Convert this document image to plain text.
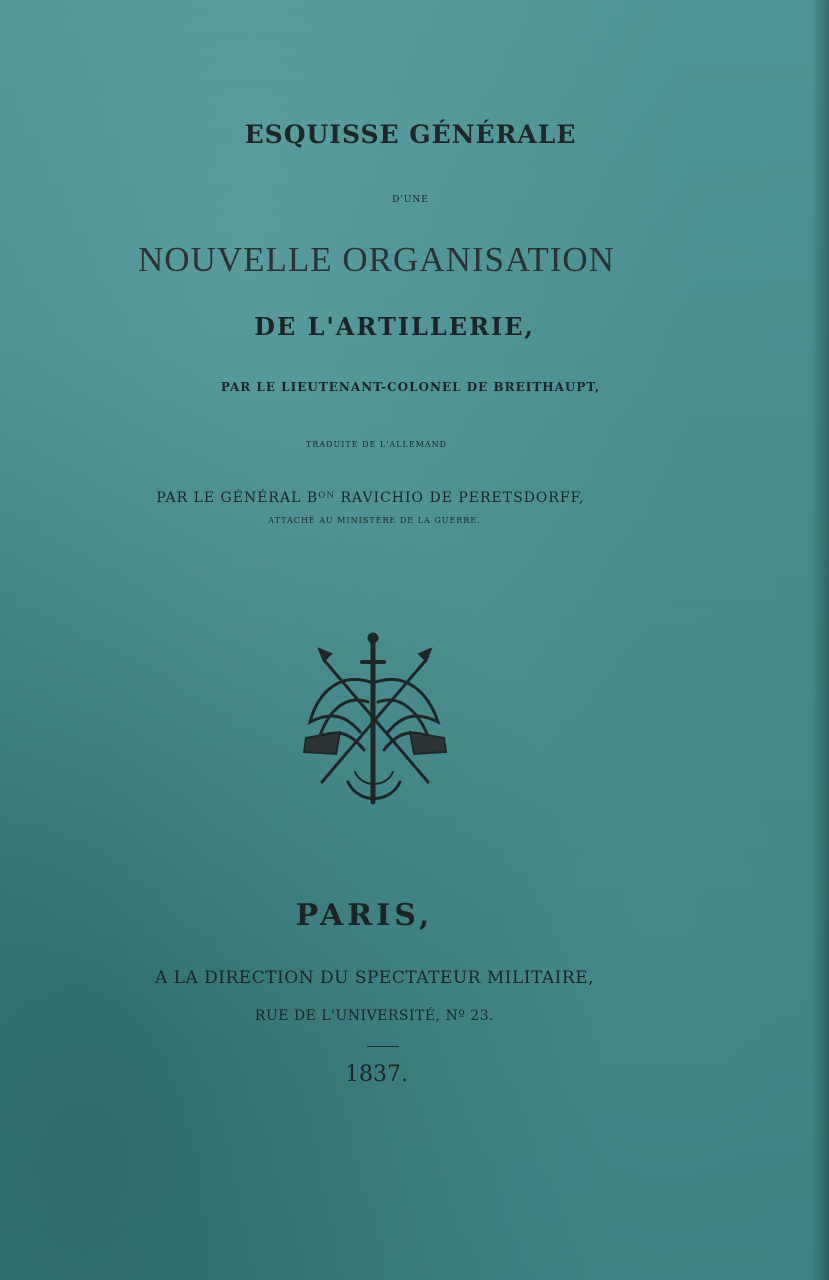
ESQUISSE GÉNÉRALE

D'UNE

NOUVELLE ORGANISATION

DE L'ARTILLERIE,

PAR LE LIEUTENANT-COLONEL DE BREITHAUPT,

TRADUITE DE L'ALLEMAND

PAR LE GÉNÉRAL Bᴼᴺ RAVICHIO DE PERETSDORFF,

ATTACHÉ AU MINISTÈRE DE LA GUERRE.

PARIS,

A LA DIRECTION DU SPECTATEUR MILITAIRE,

RUE DE L'UNIVERSITÉ, Nº 23.

1837.
